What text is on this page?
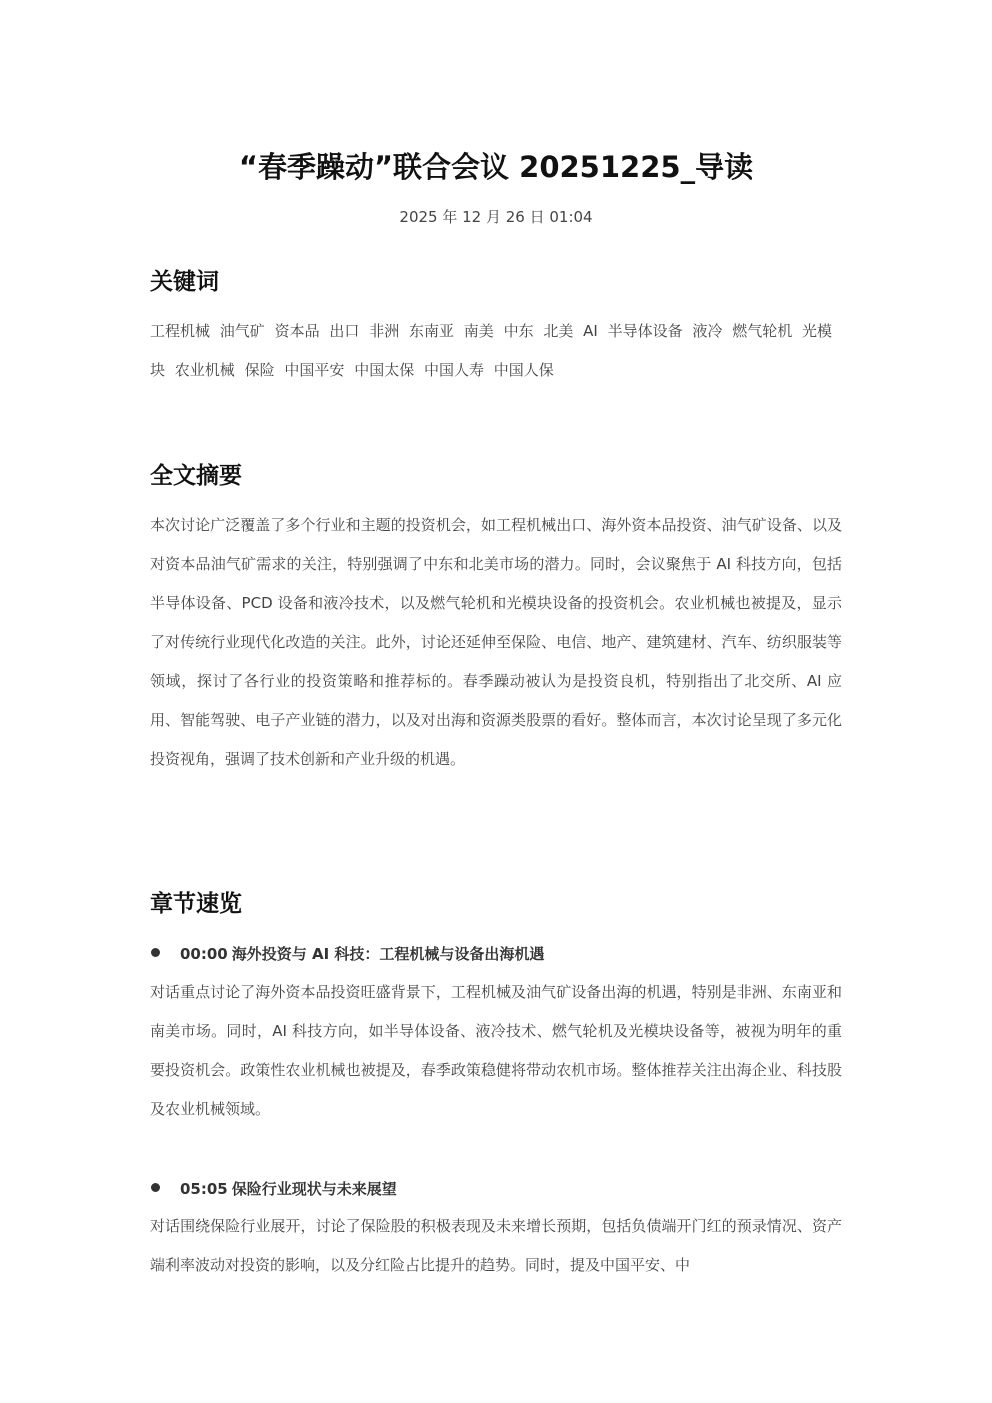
“春季躁动”联合会议 20251225_导读
2025 年 12 月 26 日 01:04
关键词
工程机械 油气矿 资本品 出口 非洲 东南亚 南美 中东 北美 AI 半导体设备 液冷 燃气轮机 光模块 农业机械 保险 中国平安 中国太保 中国人寿 中国人保
全文摘要

本次讨论广泛覆盖了多个行业和主题的投资机会，如工程机械出口、海外资本品投资、油气矿设备、以及对资本品油气矿需求的关注，特别强调了中东和北美市场的潜力。同时，会议聚焦于 AI 科技方向，包括半导体设备、PCD 设备和液冷技术，以及燃气轮机和光模块设备的投资机会。农业机械也被提及，显示了对传统行业现代化改造的关注。此外，讨论还延伸至保险、电信、地产、建筑建材、汽车、纺织服装等领域，探讨了各行业的投资策略和推荐标的。春季躁动被认为是投资良机，特别指出了北交所、AI 应用、智能驾驶、电子产业链的潜力，以及对出海和资源类股票的看好。整体而言，本次讨论呈现了多元化投资视角，强调了技术创新和产业升级的机遇。

章节速览
00:00 海外投资与 AI 科技：工程机械与设备出海机遇

对话重点讨论了海外资本品投资旺盛背景下，工程机械及油气矿设备出海的机遇，特别是非洲、东南亚和南美市场。同时，AI 科技方向，如半导体设备、液冷技术、燃气轮机及光模块设备等，被视为明年的重要投资机会。政策性农业机械也被提及，春季政策稳健将带动农机市场。整体推荐关注出海企业、科技股及农业机械领域。

05:05 保险行业现状与未来展望

对话围绕保险行业展开，讨论了保险股的积极表现及未来增长预期，包括负债端开门红的预录情况、资产端利率波动对投资的影响，以及分红险占比提升的趋势。同时，提及中国平安、中
